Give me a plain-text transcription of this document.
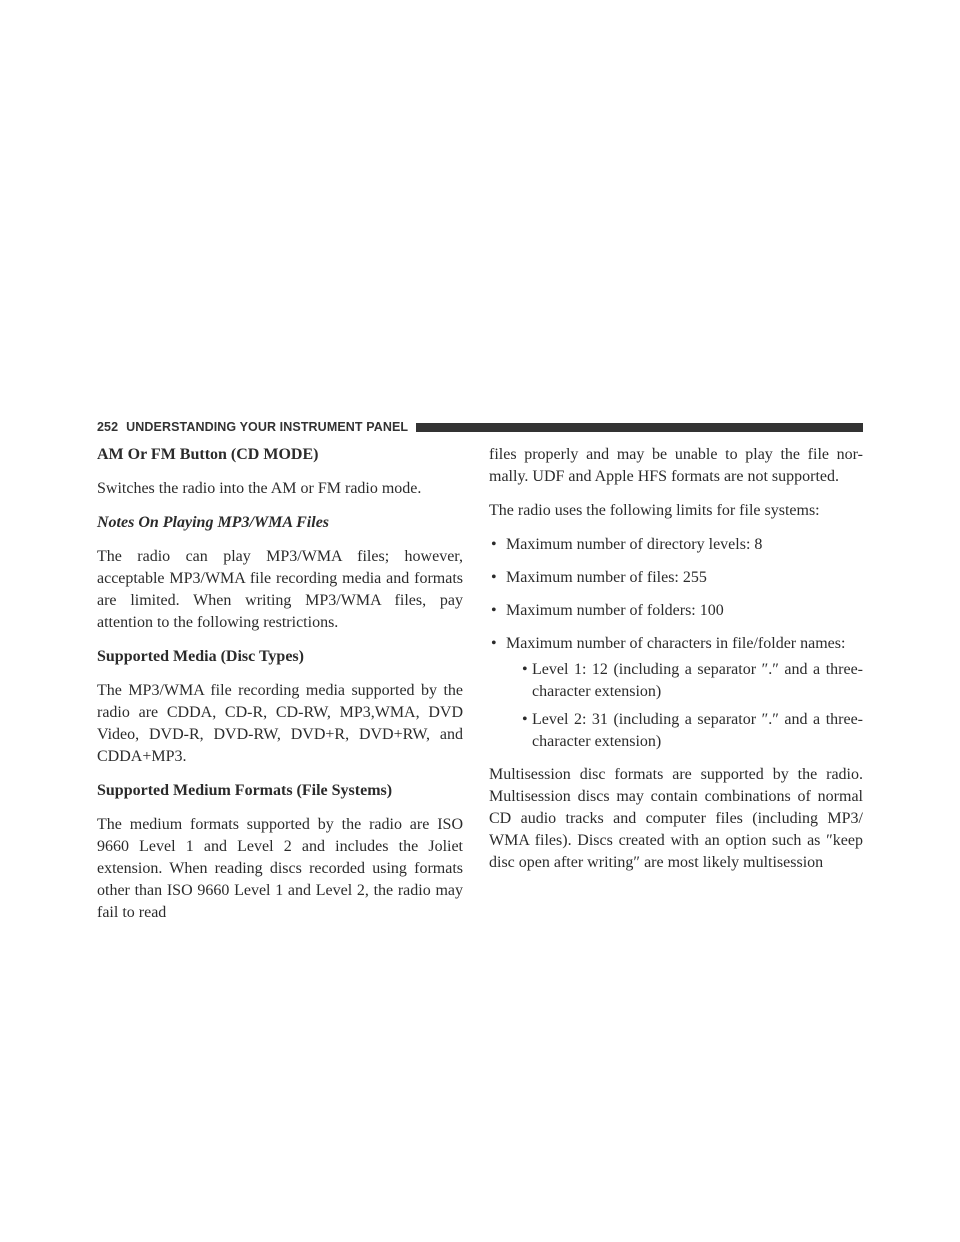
252 UNDERSTANDING YOUR INSTRUMENT PANEL

AM Or FM Button (CD MODE)

Switches the radio into the AM or FM radio mode.

Notes On Playing MP3/WMA Files

The radio can play MP3/WMA files; however, acceptable MP3/WMA file recording media and formats are limited. When writing MP3/WMA files, pay attention to the following restrictions.

Supported Media (Disc Types)

The MP3/WMA file recording media supported by the radio are CDDA, CD-R, CD-RW, MP3,WMA, DVD Video, DVD-R, DVD-RW, DVD+R, DVD+RW, and CDDA+MP3.

Supported Medium Formats (File Systems)

The medium formats supported by the radio are ISO 9660 Level 1 and Level 2 and includes the Joliet extension. When reading discs recorded using formats other than ISO 9660 Level 1 and Level 2, the radio may fail to read

files properly and may be unable to play the file nor-mally. UDF and Apple HFS formats are not supported.

The radio uses the following limits for file systems:

• Maximum number of directory levels: 8
• Maximum number of files: 255
• Maximum number of folders: 100
• Maximum number of characters in file/folder names:
• Level 1: 12 (including a separator ″.″ and a three-character extension)
• Level 2: 31 (including a separator ″.″ and a three-character extension)

Multisession disc formats are supported by the radio. Multisession discs may contain combinations of normal CD audio tracks and computer files (including MP3/ WMA files). Discs created with an option such as ″keep disc open after writing″ are most likely multisession
